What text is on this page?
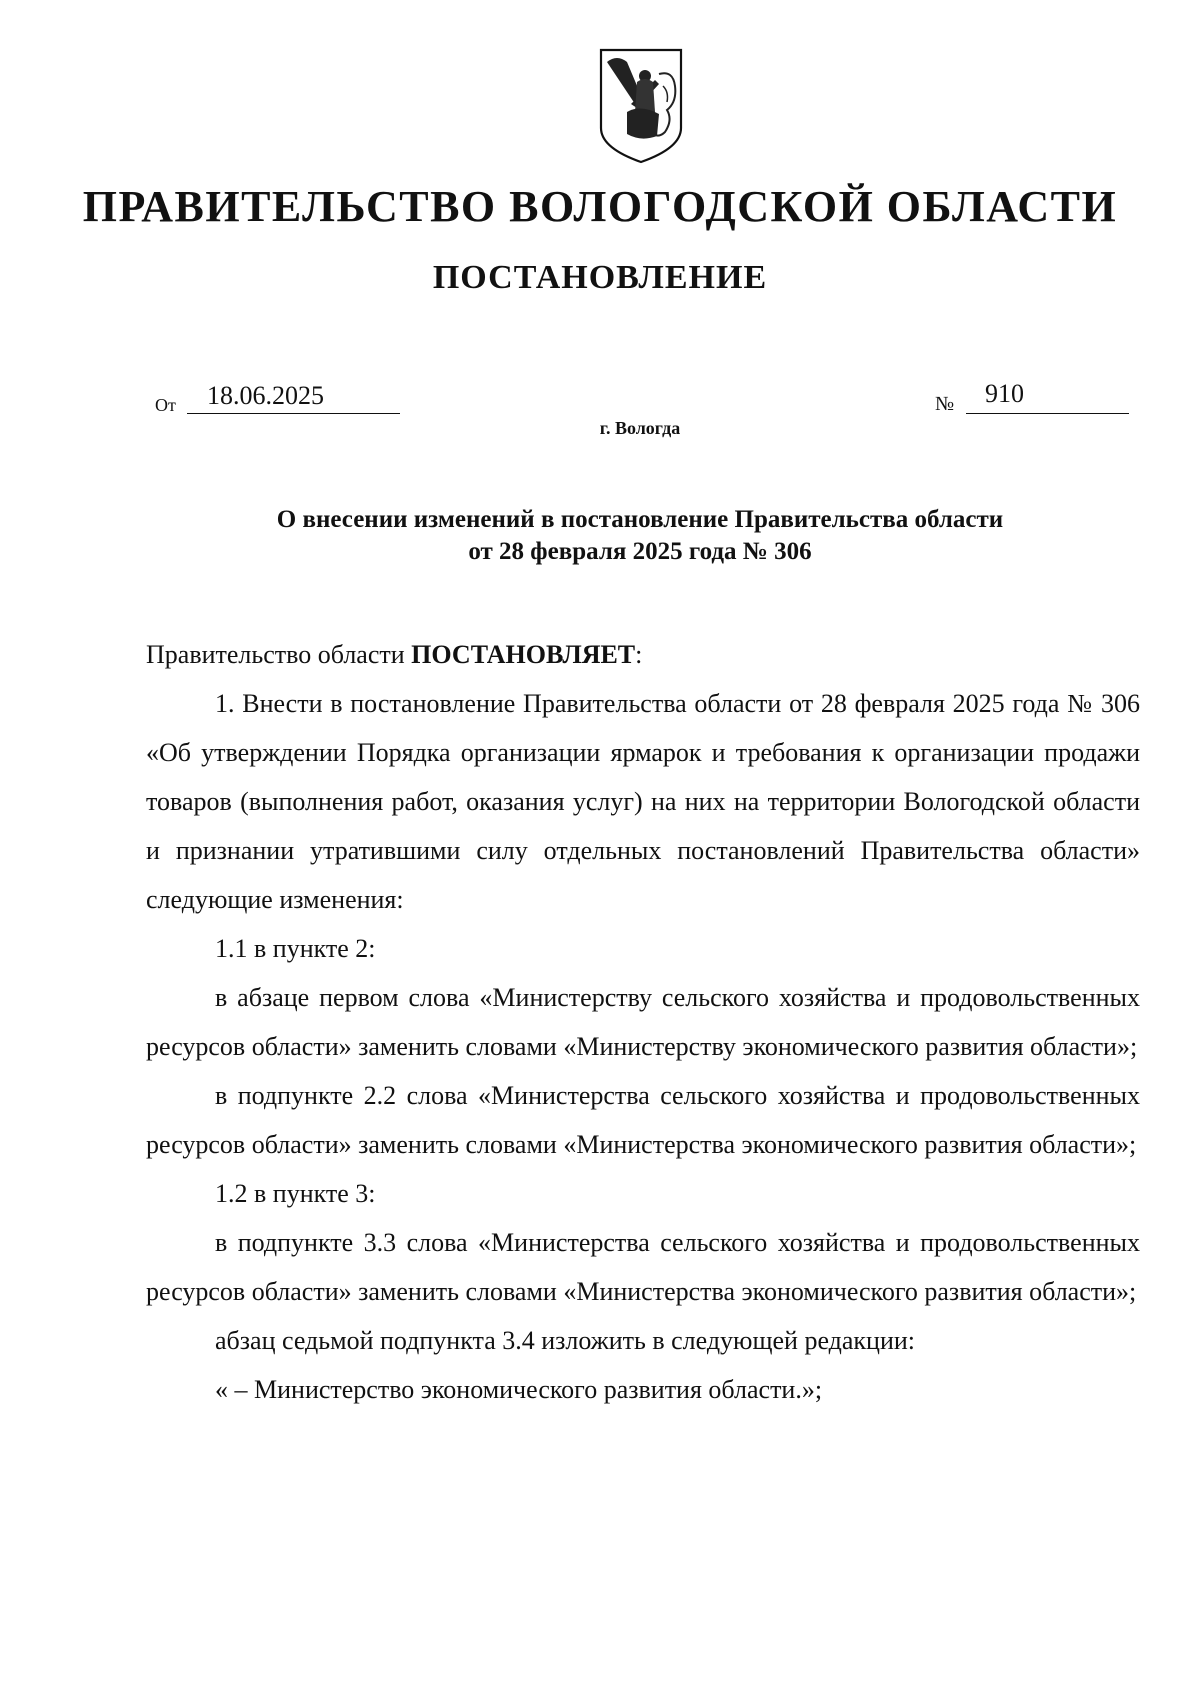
ПРАВИТЕЛЬСТВО ВОЛОГОДСКОЙ ОБЛАСТИ
ПОСТАНОВЛЕНИЕ
От 18.06.2025	№ 910
г. Вологда
О внесении изменений в постановление Правительства области
от 28 февраля 2025 года № 306

Правительство области ПОСТАНОВЛЯЕТ:

1. Внести в постановление Правительства области от 28 февраля 2025 года № 306 «Об утверждении Порядка организации ярмарок и требования к организации продажи товаров (выполнения работ, оказания услуг) на них на территории Вологодской области и признании утратившими силу отдельных постановлений Правительства области» следующие изменения:

1.1 в пункте 2:

в абзаце первом слова «Министерству сельского хозяйства и продовольственных ресурсов области» заменить словами «Министерству экономического развития области»;

в подпункте 2.2 слова «Министерства сельского хозяйства и продовольственных ресурсов области» заменить словами «Министерства экономического развития области»;

1.2 в пункте 3:

в подпункте 3.3 слова «Министерства сельского хозяйства и продовольственных ресурсов области» заменить словами «Министерства экономического развития области»;

абзац седьмой подпункта 3.4 изложить в следующей редакции:

« – Министерство экономического развития области.»;
